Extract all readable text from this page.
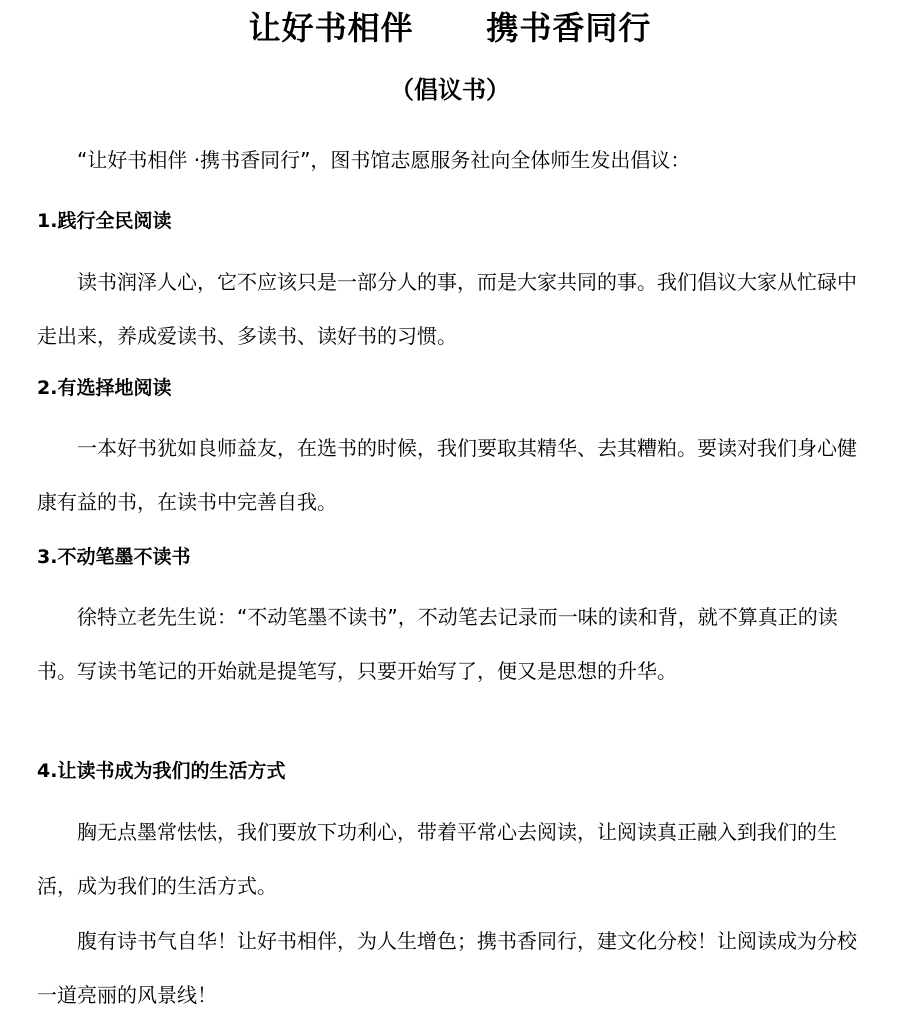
让好书相伴      携书香同行
（倡议书）

“让好书相伴 ·携书香同行”，图书馆志愿服务社向全体师生发出倡议：

1.践行全民阅读

读书润泽人心，它不应该只是一部分人的事，而是大家共同的事。我们倡议大家从忙碌中走出来，养成爱读书、多读书、读好书的习惯。

2.有选择地阅读

一本好书犹如良师益友，在选书的时候，我们要取其精华、去其糟粕。要读对我们身心健康有益的书，在读书中完善自我。

3.不动笔墨不读书

徐特立老先生说：“不动笔墨不读书”，不动笔去记录而一味的读和背，就不算真正的读书。写读书笔记的开始就是提笔写，只要开始写了，便又是思想的升华。

4.让读书成为我们的生活方式

胸无点墨常怯怯，我们要放下功利心，带着平常心去阅读，让阅读真正融入到我们的生活，成为我们的生活方式。

腹有诗书气自华！让好书相伴，为人生增色；携书香同行，建文化分校！让阅读成为分校一道亮丽的风景线！
